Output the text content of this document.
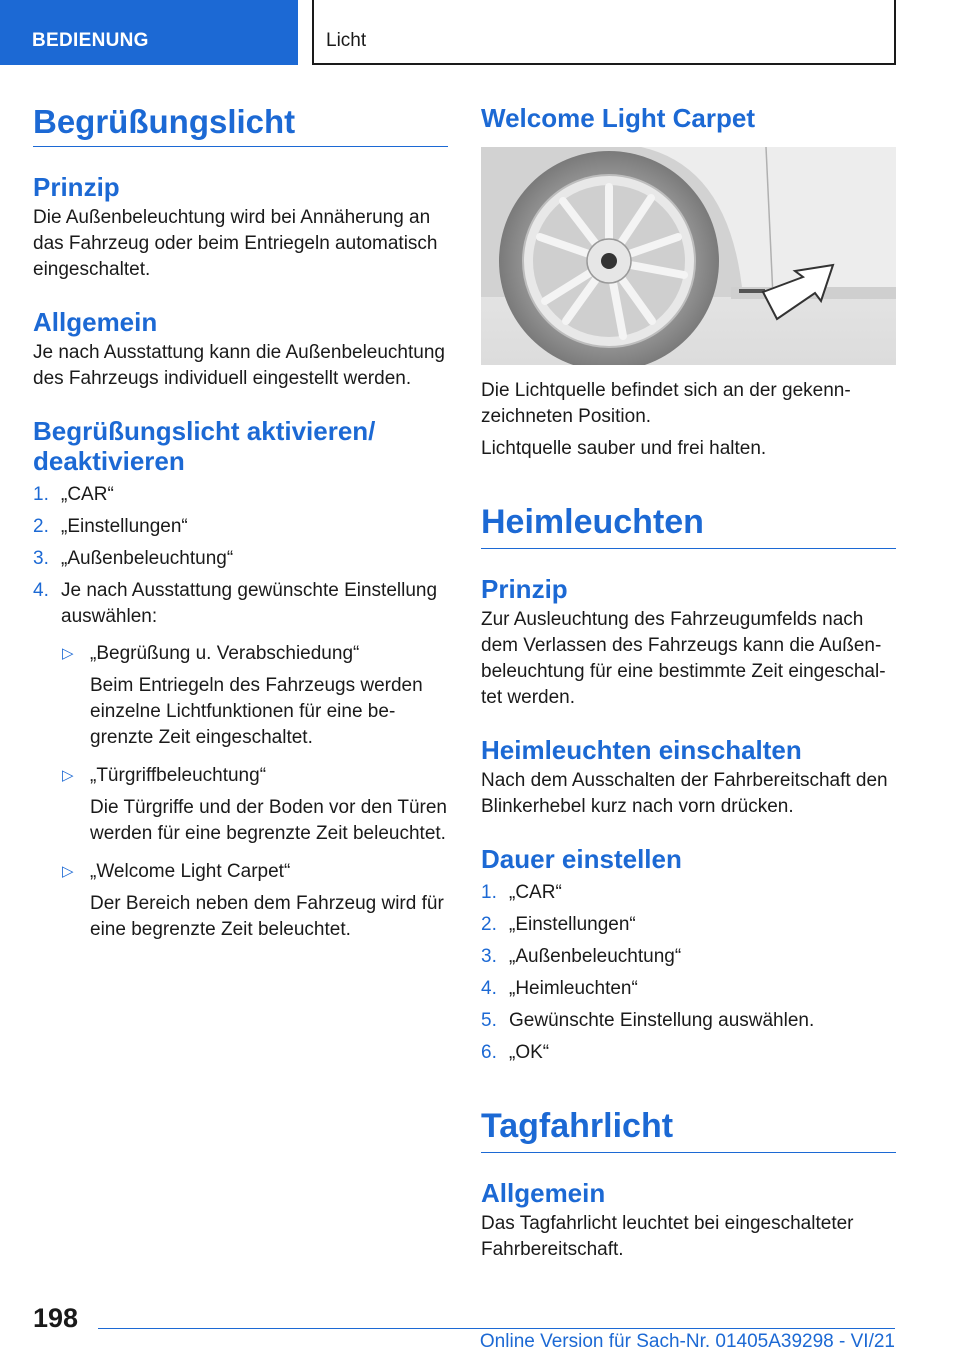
BEDIENUNG	Licht
Begrüßungslicht
Prinzip
Die Außenbeleuchtung wird bei Annäherung an das Fahrzeug oder beim Entriegeln automatisch eingeschaltet.
Allgemein
Je nach Ausstattung kann die Außenbeleuchtung des Fahrzeugs individuell eingestellt werden.
Begrüßungslicht aktivieren/ deaktivieren
1. „CAR“
2. „Einstellungen“
3. „Außenbeleuchtung“
4. Je nach Ausstattung gewünschte Einstellung auswählen:
▷ „Begrüßung u. Verabschiedung“
Beim Entriegeln des Fahrzeugs werden einzelne Lichtfunktionen für eine begrenzte Zeit eingeschaltet.
▷ „Türgriffbeleuchtung“
Die Türgriffe und der Boden vor den Türen werden für eine begrenzte Zeit beleuchtet.
▷ „Welcome Light Carpet“
Der Bereich neben dem Fahrzeug wird für eine begrenzte Zeit beleuchtet.
Welcome Light Carpet
Die Lichtquelle befindet sich an der gekennzeichneten Position.
Lichtquelle sauber und frei halten.
Heimleuchten
Prinzip
Zur Ausleuchtung des Fahrzeugumfelds nach dem Verlassen des Fahrzeugs kann die Außenbeleuchtung für eine bestimmte Zeit eingeschaltet werden.
Heimleuchten einschalten
Nach dem Ausschalten der Fahrbereitschaft den Blinkerhebel kurz nach vorn drücken.
Dauer einstellen
1. „CAR“
2. „Einstellungen“
3. „Außenbeleuchtung“
4. „Heimleuchten“
5. Gewünschte Einstellung auswählen.
6. „OK“
Tagfahrlicht
Allgemein
Das Tagfahrlicht leuchtet bei eingeschalteter Fahrbereitschaft.
198
Online Version für Sach-Nr. 01405A39298 - VI/21
